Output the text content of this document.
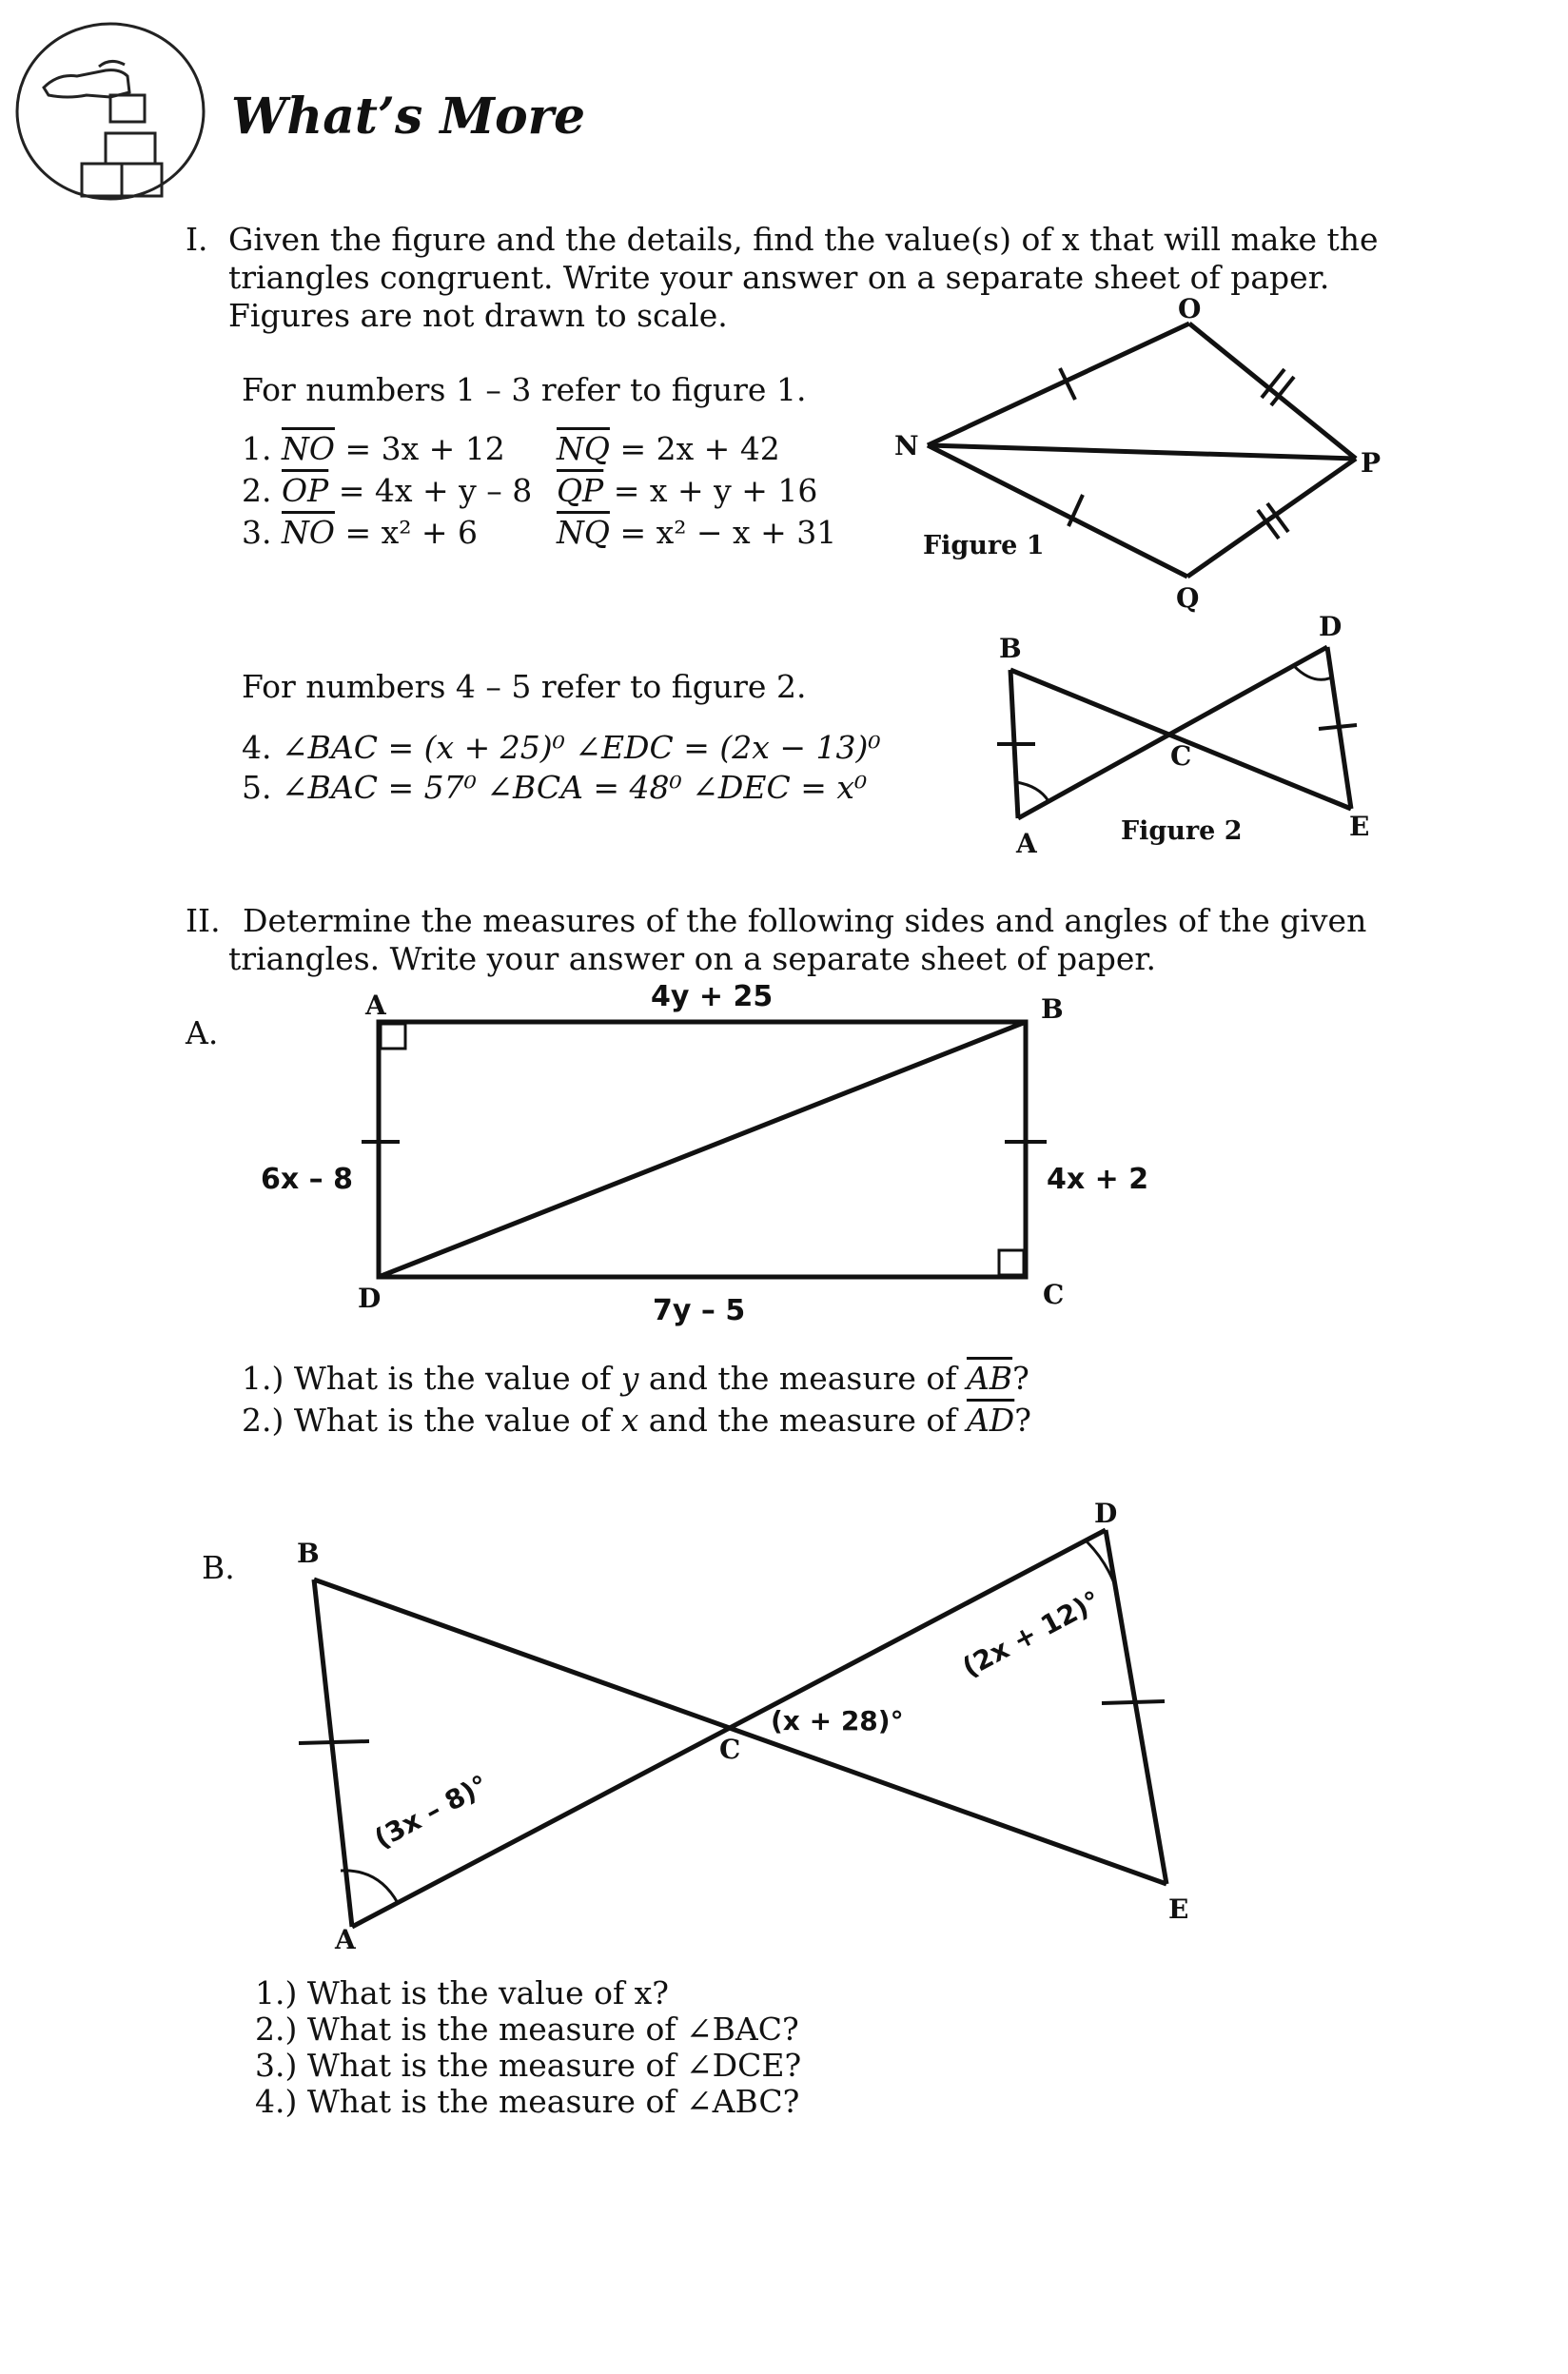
What’s More
I. Given the figure and the details, find the value(s) of x that will make the
triangles congruent. Write your answer on a separate sheet of paper.
Figures are not drawn to scale.
For numbers 1 – 3 refer to figure 1.
1. $\overline{NO} = 3x + 12$ $\overline{NQ} = 2x + 42$
2. $\overline{OP} = 4x + y - 8$ $\overline{QP} = x + y + 16$
3. $\overline{NO} = x^2 + 6$	$\overline{NQ} = x^2 - x + 31$
O
N
P
Q
Figure 1
For numbers 4 – 5 refer to figure 2.
4. ∠BAC = (x + 25)⁰ ∠EDC = (2x − 13)⁰
5. ∠BAC = 57⁰ ∠BCA = 48⁰ ∠DEC = x⁰
B
D
C
A
E
Figure 2
II. Determine the measures of the following sides and angles of the given
triangles. Write your answer on a separate sheet of paper.
A.
A	B
C
D
4y + 25
7y – 5
6x – 8	4x + 2
1.) What is the value of y and the measure of $\overline{AB}$?
2.) What is the value of x and the measure of $\overline{AD}$?
B. B
D
C
A
E
(x + 28)°
(3x – 8)°
(2x + 12)°
1.) What is the value of x?
2.) What is the measure of ∠BAC?
3.) What is the measure of ∠DCE?
4.) What is the measure of ∠ABC?
